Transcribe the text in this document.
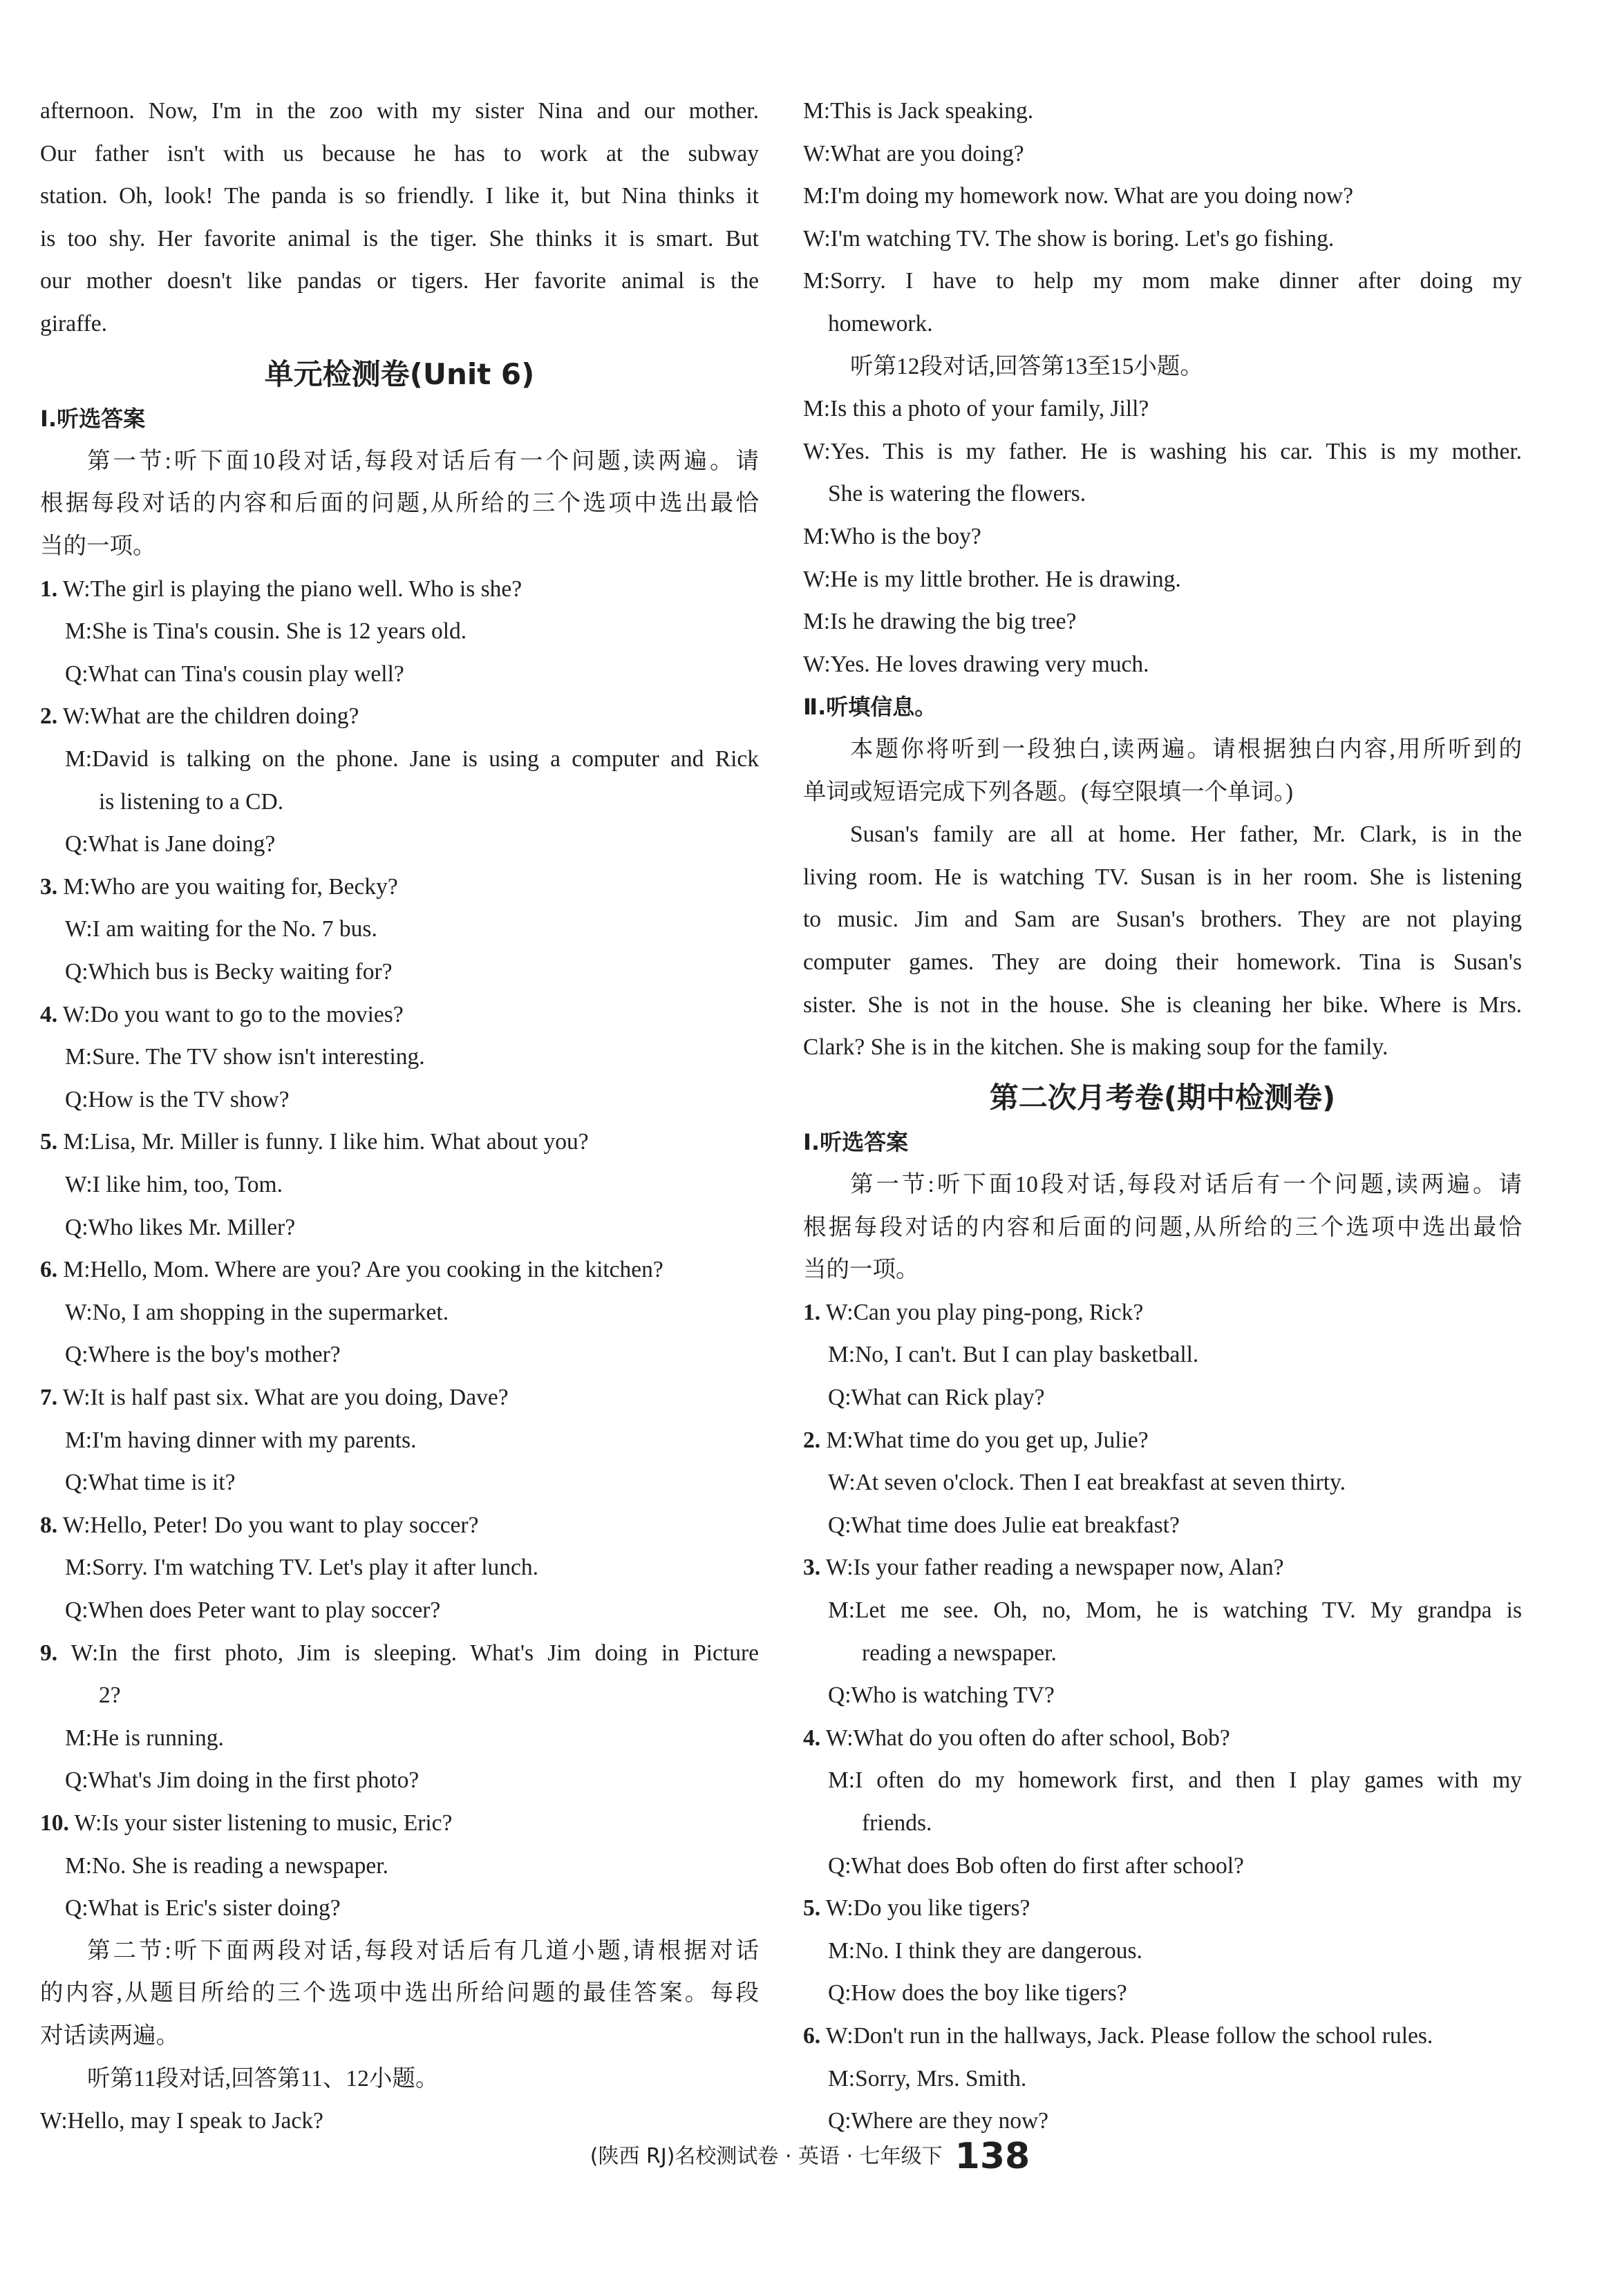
afternoon. Now, I'm in the zoo with my sister Nina and our mother.
Our father isn't with us because he has to work at the subway
station. Oh, look! The panda is so friendly. I like it, but Nina thinks it
is too shy. Her favorite animal is the tiger. She thinks it is smart. But
our mother doesn't like pandas or tigers. Her favorite animal is the
giraffe.
单元检测卷(Unit 6)
Ⅰ.听选答案
第一节:听下面10段对话,每段对话后有一个问题,读两遍。请
根据每段对话的内容和后面的问题,从所给的三个选项中选出最恰
当的一项。
1. W:The girl is playing the piano well. Who is she?
M:She is Tina's cousin. She is 12 years old.
Q:What can Tina's cousin play well?
2. W:What are the children doing?
M:David is talking on the phone. Jane is using a computer and Rick
is listening to a CD.
Q:What is Jane doing?
3. M:Who are you waiting for, Becky?
W:I am waiting for the No. 7 bus.
Q:Which bus is Becky waiting for?
4. W:Do you want to go to the movies?
M:Sure. The TV show isn't interesting.
Q:How is the TV show?
5. M:Lisa, Mr. Miller is funny. I like him. What about you?
W:I like him, too, Tom.
Q:Who likes Mr. Miller?
6. M:Hello, Mom. Where are you? Are you cooking in the kitchen?
W:No, I am shopping in the supermarket.
Q:Where is the boy's mother?
7. W:It is half past six. What are you doing, Dave?
M:I'm having dinner with my parents.
Q:What time is it?
8. W:Hello, Peter! Do you want to play soccer?
M:Sorry. I'm watching TV. Let's play it after lunch.
Q:When does Peter want to play soccer?
9. W:In the first photo, Jim is sleeping. What's Jim doing in Picture
2?
M:He is running.
Q:What's Jim doing in the first photo?
10. W:Is your sister listening to music, Eric?
M:No. She is reading a newspaper.
Q:What is Eric's sister doing?
第二节:听下面两段对话,每段对话后有几道小题,请根据对话
的内容,从题目所给的三个选项中选出所给问题的最佳答案。每段
对话读两遍。
听第11段对话,回答第11、12小题。
W:Hello, may I speak to Jack?
M:This is Jack speaking.
W:What are you doing?
M:I'm doing my homework now. What are you doing now?
W:I'm watching TV. The show is boring. Let's go fishing.
M:Sorry. I have to help my mom make dinner after doing my
homework.
听第12段对话,回答第13至15小题。
M:Is this a photo of your family, Jill?
W:Yes. This is my father. He is washing his car. This is my mother.
She is watering the flowers.
M:Who is the boy?
W:He is my little brother. He is drawing.
M:Is he drawing the big tree?
W:Yes. He loves drawing very much.
Ⅱ.听填信息。
本题你将听到一段独白,读两遍。请根据独白内容,用所听到的
单词或短语完成下列各题。(每空限填一个单词。)
Susan's family are all at home. Her father, Mr. Clark, is in the
living room. He is watching TV. Susan is in her room. She is listening
to music. Jim and Sam are Susan's brothers. They are not playing
computer games. They are doing their homework. Tina is Susan's
sister. She is not in the house. She is cleaning her bike. Where is Mrs.
Clark? She is in the kitchen. She is making soup for the family.
第二次月考卷(期中检测卷)
Ⅰ.听选答案
第一节:听下面10段对话,每段对话后有一个问题,读两遍。请
根据每段对话的内容和后面的问题,从所给的三个选项中选出最恰
当的一项。
1. W:Can you play ping-pong, Rick?
M:No, I can't. But I can play basketball.
Q:What can Rick play?
2. M:What time do you get up, Julie?
W:At seven o'clock. Then I eat breakfast at seven thirty.
Q:What time does Julie eat breakfast?
3. W:Is your father reading a newspaper now, Alan?
M:Let me see. Oh, no, Mom, he is watching TV. My grandpa is
reading a newspaper.
Q:Who is watching TV?
4. W:What do you often do after school, Bob?
M:I often do my homework first, and then I play games with my
friends.
Q:What does Bob often do first after school?
5. W:Do you like tigers?
M:No. I think they are dangerous.
Q:How does the boy like tigers?
6. W:Don't run in the hallways, Jack. Please follow the school rules.
M:Sorry, Mrs. Smith.
Q:Where are they now?
(陕西 RJ)名校测试卷 · 英语 · 七年级下 138
